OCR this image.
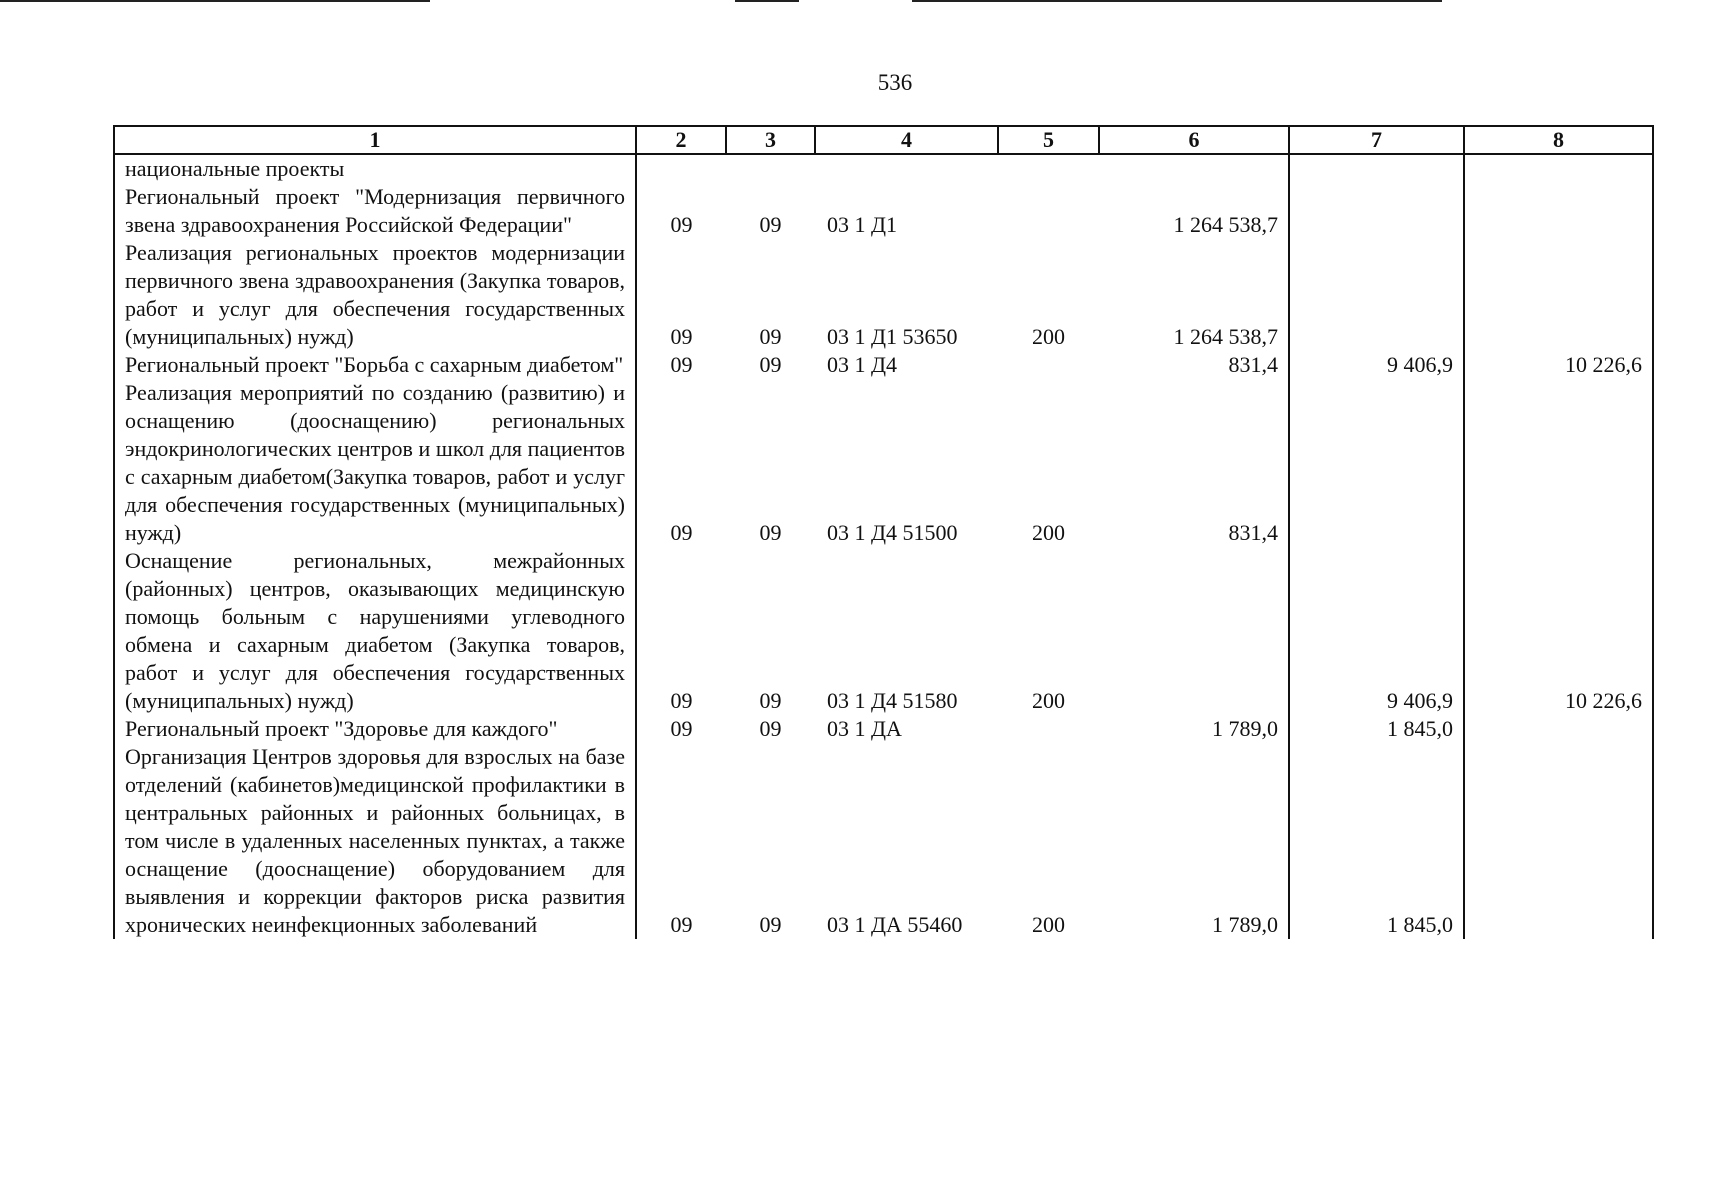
536
1	2	3	4	5	6	7	8
национальные проекты							
Региональный проект "Модернизация первичного звена здравоохранения Российской Федерации"	09	09	03 1 Д1		1 264 538,7		
Реализация региональных проектов модернизации первичного звена здравоохранения (Закупка товаров, работ и услуг для обеспечения государственных (муниципальных) нужд)	09	09	03 1 Д1 53650	200	1 264 538,7		
Региональный проект "Борьба с сахарным диабетом"	09	09	03 1 Д4		831,4	9 406,9	10 226,6
Реализация мероприятий по созданию (развитию) и оснащению (дооснащению) региональных эндокринологических центров и школ для пациентов с сахарным диабетом(Закупка товаров, работ и услуг для обеспечения государственных (муниципальных) нужд)	09	09	03 1 Д4 51500	200	831,4		
Оснащение региональных, межрайонных (районных) центров, оказывающих медицинскую помощь больным с нарушениями углеводного обмена и сахарным диабетом (Закупка товаров, работ и услуг для обеспечения государственных (муниципальных) нужд)	09	09	03 1 Д4 51580	200		9 406,9	10 226,6
Региональный проект "Здоровье для каждого"	09	09	03 1 ДА		1 789,0	1 845,0	
Организация Центров здоровья для взрослых на базе отделений (кабинетов)медицинской профилактики в центральных районных и районных больницах, в том числе в удаленных населенных пунктах, а также оснащение (дооснащение) оборудованием для выявления и коррекции факторов риска развития хронических неинфекционных заболеваний	09	09	03 1 ДА 55460	200	1 789,0	1 845,0	
